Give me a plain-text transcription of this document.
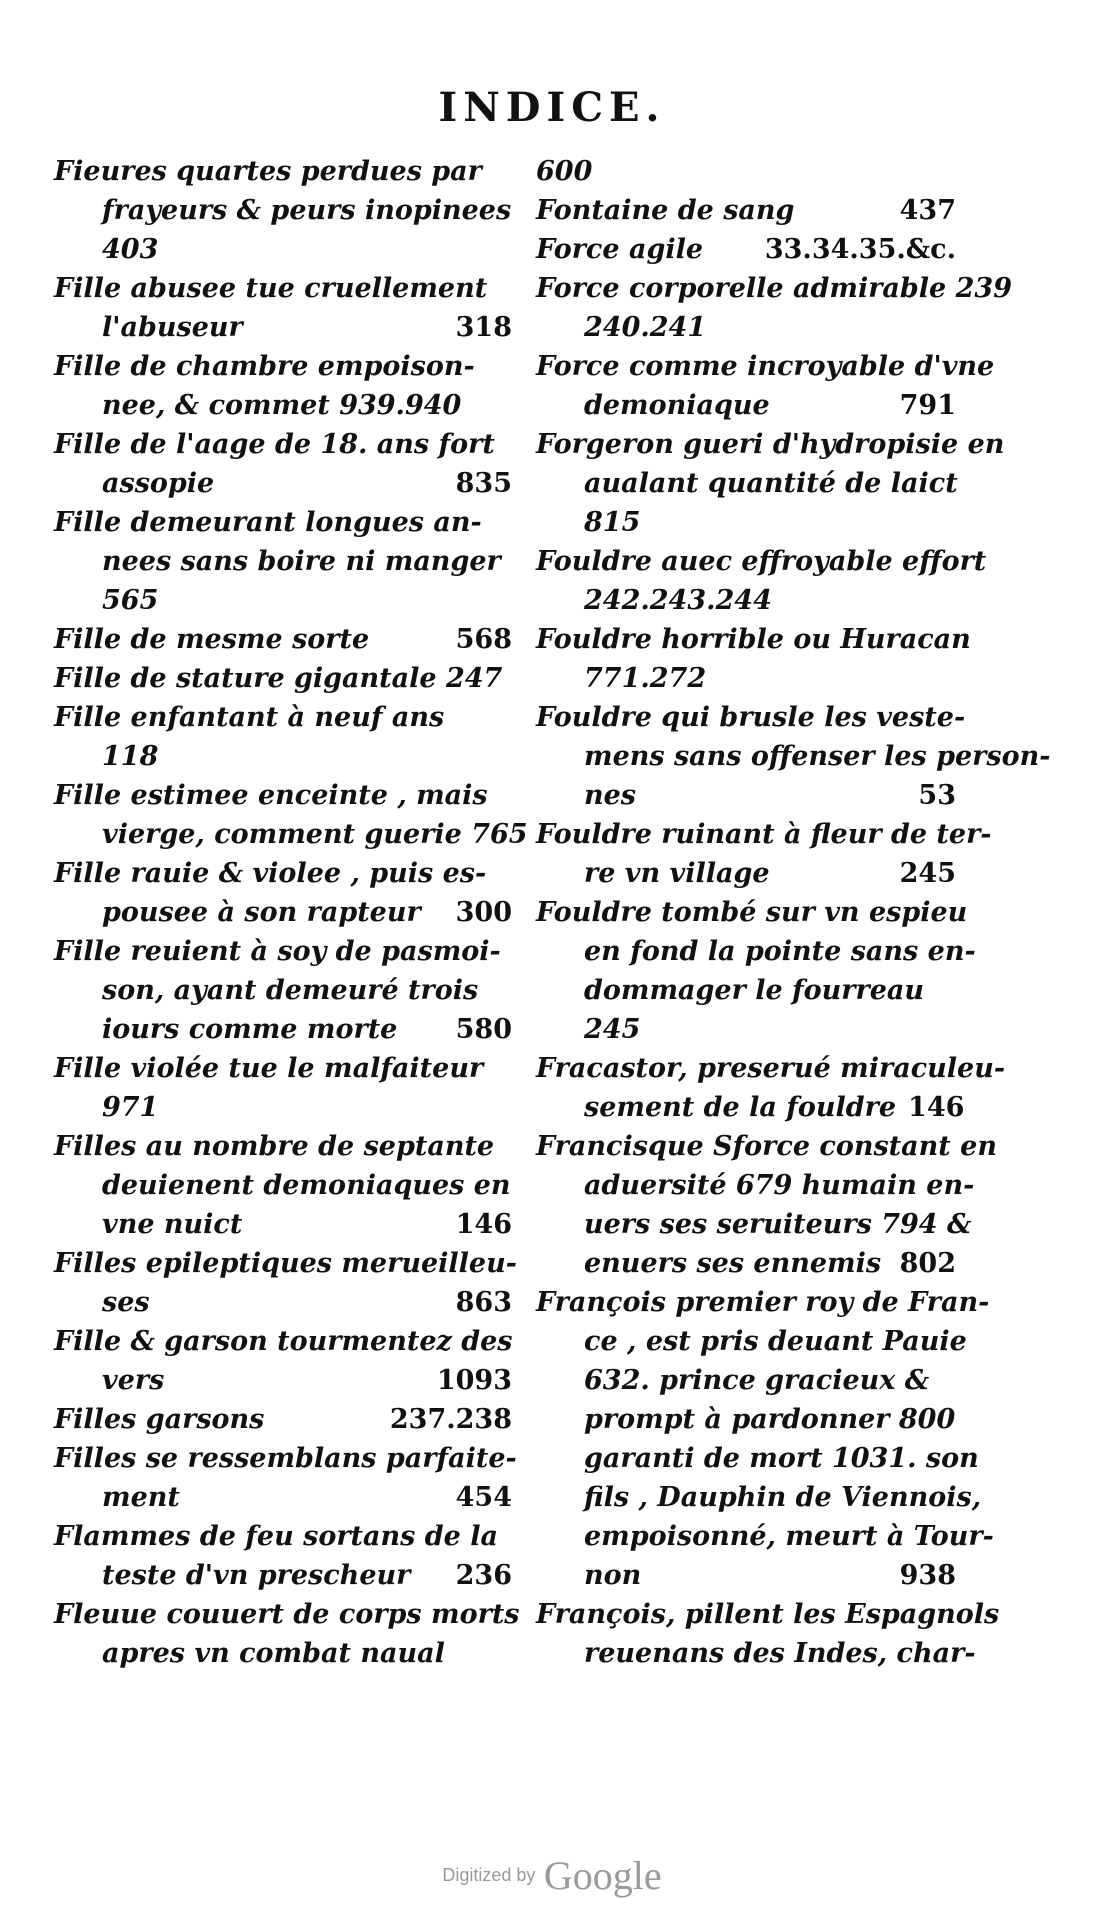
INDICE.
Fieures quartes perdues par
frayeurs & peurs inopinees
403
Fille abusee tue cruellement
l'abuseur	318
Fille de chambre empoison-
nee, & commet 939.940
Fille de l'aage de 18. ans fort
assopie	835
Fille demeurant longues an-
nees sans boire ni manger
565
Fille de mesme sorte	568
Fille de stature gigantale 247
Fille enfantant à neuf ans
118
Fille estimee enceinte , mais
vierge, comment guerie 765
Fille rauie & violee , puis es-
pousee à son rapteur	300
Fille reuient à soy de pasmoi-
son, ayant demeuré trois
iours comme morte	580
Fille violée tue le malfaiteur
971
Filles au nombre de septante
deuienent demoniaques en
vne nuict	146
Filles epileptiques merueilleu-
ses	863
Fille & garson tourmentez des
vers	1093
Filles garsons	237.238
Filles se ressemblans parfaite-
ment	454
Flammes de feu sortans de la
teste d'vn prescheur	236
Fleuue couuert de corps morts
apres vn combat naual
600
Fontaine de sang	437
Force agile	33.34.35.&c.
Force corporelle admirable 239
240.241
Force comme incroyable d'vne
demoniaque	791
Forgeron gueri d'hydropisie en
aualant quantité de laict
815
Fouldre auec effroyable effort
242.243.244
Fouldre horrible ou Huracan
771.272
Fouldre qui brusle les veste-
mens sans offenser les person-
nes	53
Fouldre ruinant à fleur de ter-
re vn village	245
Fouldre tombé sur vn espieu
en fond la pointe sans en-
dommager le fourreau
245
Fracastor, preserué miraculeu-
sement de la fouldre 146
Francisque Sforce constant en
aduersité 679 humain en-
uers ses seruiteurs 794 &
enuers ses ennemis 802
François premier roy de Fran-
ce , est pris deuant Pauie
632. prince gracieux &
prompt à pardonner 800
garanti de mort 1031. son
fils , Dauphin de Viennois,
empoisonné, meurt à Tour-
non	938
François, pillent les Espagnols
reuenans des Indes, char-
Digitized by Google
